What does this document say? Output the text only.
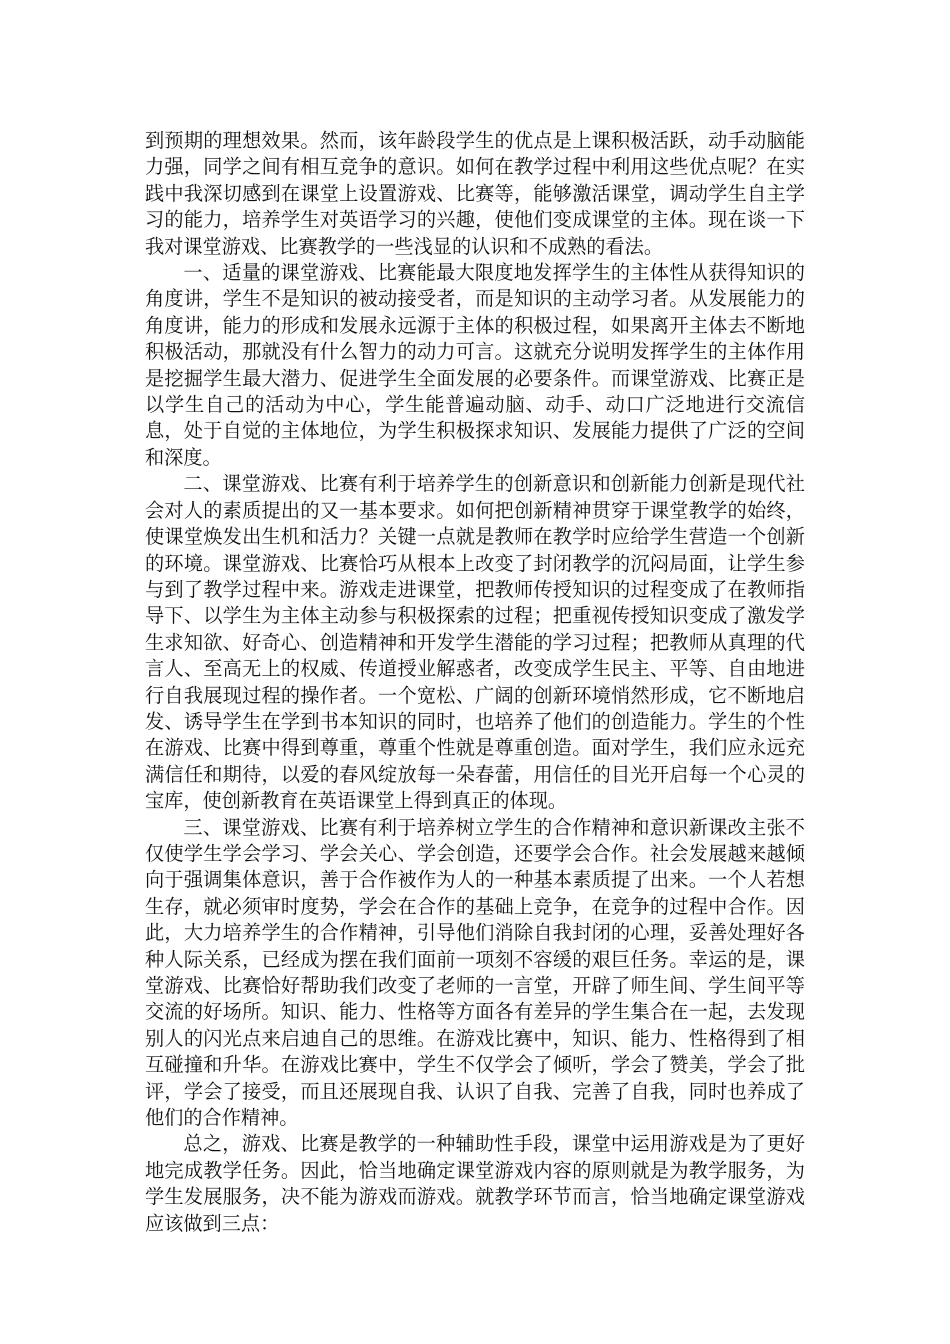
到预期的理想效果。然而，该年龄段学生的优点是上课积极活跃，动手动脑能力强，同学之间有相互竞争的意识。如何在教学过程中利用这些优点呢？在实践中我深切感到在课堂上设置游戏、比赛等，能够激活课堂，调动学生自主学习的能力，培养学生对英语学习的兴趣，使他们变成课堂的主体。现在谈一下我对课堂游戏、比赛教学的一些浅显的认识和不成熟的看法。

一、适量的课堂游戏、比赛能最大限度地发挥学生的主体性从获得知识的角度讲，学生不是知识的被动接受者，而是知识的主动学习者。从发展能力的角度讲，能力的形成和发展永远源于主体的积极过程，如果离开主体去不断地积极活动，那就没有什么智力的动力可言。这就充分说明发挥学生的主体作用是挖掘学生最大潜力、促进学生全面发展的必要条件。而课堂游戏、比赛正是以学生自己的活动为中心，学生能普遍动脑、动手、动口广泛地进行交流信息，处于自觉的主体地位，为学生积极探求知识、发展能力提供了广泛的空间和深度。

二、课堂游戏、比赛有利于培养学生的创新意识和创新能力创新是现代社会对人的素质提出的又一基本要求。如何把创新精神贯穿于课堂教学的始终，使课堂焕发出生机和活力？关键一点就是教师在教学时应给学生营造一个创新的环境。课堂游戏、比赛恰巧从根本上改变了封闭教学的沉闷局面，让学生参与到了教学过程中来。游戏走进课堂，把教师传授知识的过程变成了在教师指导下、以学生为主体主动参与积极探索的过程；把重视传授知识变成了激发学生求知欲、好奇心、创造精神和开发学生潜能的学习过程；把教师从真理的代言人、至高无上的权威、传道授业解惑者，改变成学生民主、平等、自由地进行自我展现过程的操作者。一个宽松、广阔的创新环境悄然形成，它不断地启发、诱导学生在学到书本知识的同时，也培养了他们的创造能力。学生的个性在游戏、比赛中得到尊重，尊重个性就是尊重创造。面对学生，我们应永远充满信任和期待，以爱的春风绽放每一朵春蕾，用信任的目光开启每一个心灵的宝库，使创新教育在英语课堂上得到真正的体现。

三、课堂游戏、比赛有利于培养树立学生的合作精神和意识新课改主张不仅使学生学会学习、学会关心、学会创造，还要学会合作。社会发展越来越倾向于强调集体意识，善于合作被作为人的一种基本素质提了出来。一个人若想生存，就必须审时度势，学会在合作的基础上竞争，在竞争的过程中合作。因此，大力培养学生的合作精神，引导他们消除自我封闭的心理，妥善处理好各种人际关系，已经成为摆在我们面前一项刻不容缓的艰巨任务。幸运的是，课堂游戏、比赛恰好帮助我们改变了老师的一言堂，开辟了师生间、学生间平等交流的好场所。知识、能力、性格等方面各有差异的学生集合在一起，去发现别人的闪光点来启迪自己的思维。在游戏比赛中，知识、能力、性格得到了相互碰撞和升华。在游戏比赛中，学生不仅学会了倾听，学会了赞美，学会了批评，学会了接受，而且还展现自我、认识了自我、完善了自我，同时也养成了他们的合作精神。

总之，游戏、比赛是教学的一种辅助性手段，课堂中运用游戏是为了更好地完成教学任务。因此，恰当地确定课堂游戏内容的原则就是为教学服务，为学生发展服务，决不能为游戏而游戏。就教学环节而言，恰当地确定课堂游戏应该做到三点：
